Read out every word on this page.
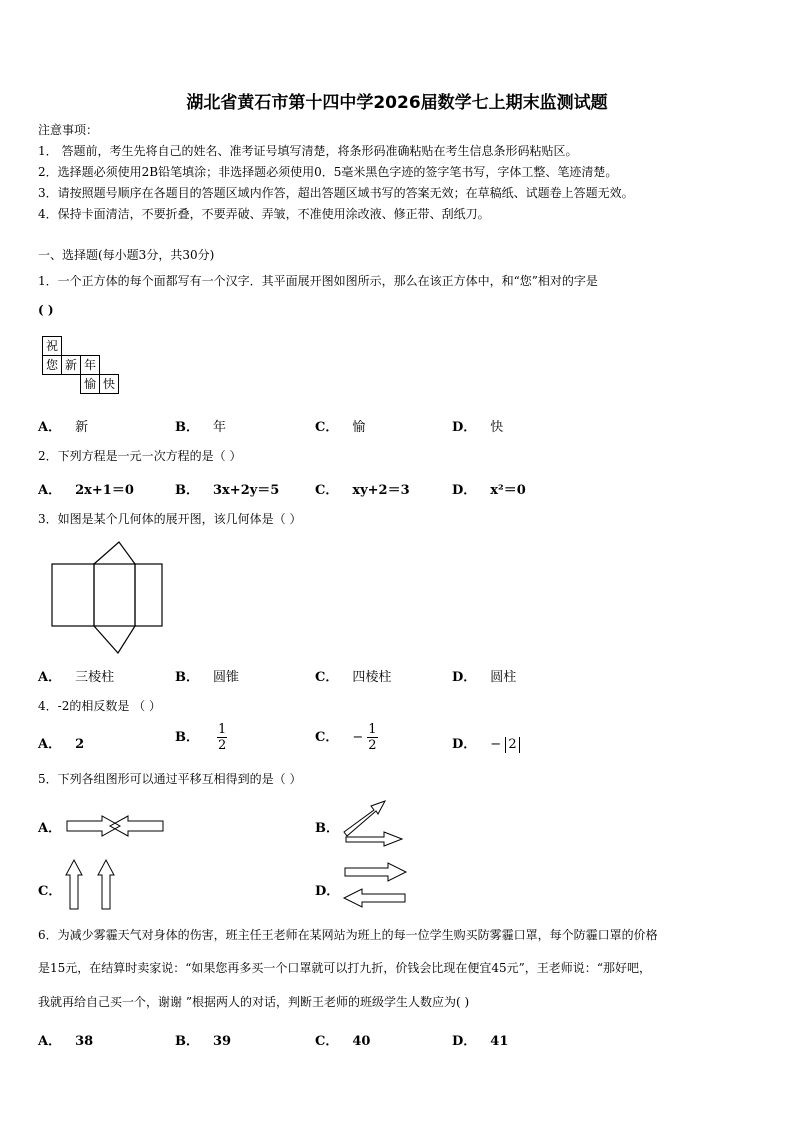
湖北省黄石市第十四中学2026届数学七上期末监测试题
注意事项：
1． 答题前，考生先将自己的姓名、准考证号填写清楚，将条形码准确粘贴在考生信息条形码粘贴区。
2．选择题必须使用2B铅笔填涂；非选择题必须使用0．5毫米黑色字迹的签字笔书写，字体工整、笔迹清楚。
3．请按照题号顺序在各题目的答题区域内作答，超出答题区域书写的答案无效；在草稿纸、试题卷上答题无效。
4．保持卡面清洁，不要折叠，不要弄破、弄皱，不准使用涂改液、修正带、刮纸刀。
一、选择题(每小题3分，共30分)
1．一个正方体的每个面都写有一个汉字．其平面展开图如图所示，那么在该正方体中，和“您”相对的字是
( )
祝
您 新 年
愉 快
A． 新	B． 年	C． 愉	D． 快
2．下列方程是一元一次方程的是（ ）
A． 2x+1＝0	B． 3x+2y＝5	C． xy+2＝3	D． x²＝0
3．如图是某个几何体的展开图，该几何体是（ ）
A． 三棱柱	B． 圆锥	C． 四棱柱	D． 圆柱
4．-2的相反数是 （ ）
A． 2	B． $\frac{1}{2}$	C． − $\frac{1}{2}$	D． − 2
5．下列各组图形可以通过平移互相得到的是（ ）
A．	B．
C．	D．
6．为减少雾霾天气对身体的伤害，班主任王老师在某网站为班上的每一位学生购买防雾霾口罩，每个防霾口罩的价格
是15元，在结算时卖家说：“如果您再多买一个口罩就可以打九折，价钱会比现在便宜45元”，王老师说：“那好吧，
我就再给自己买一个，谢谢 ”根据两人的对话，判断王老师的班级学生人数应为( )
A． 38	B． 39	C． 40	D． 41
